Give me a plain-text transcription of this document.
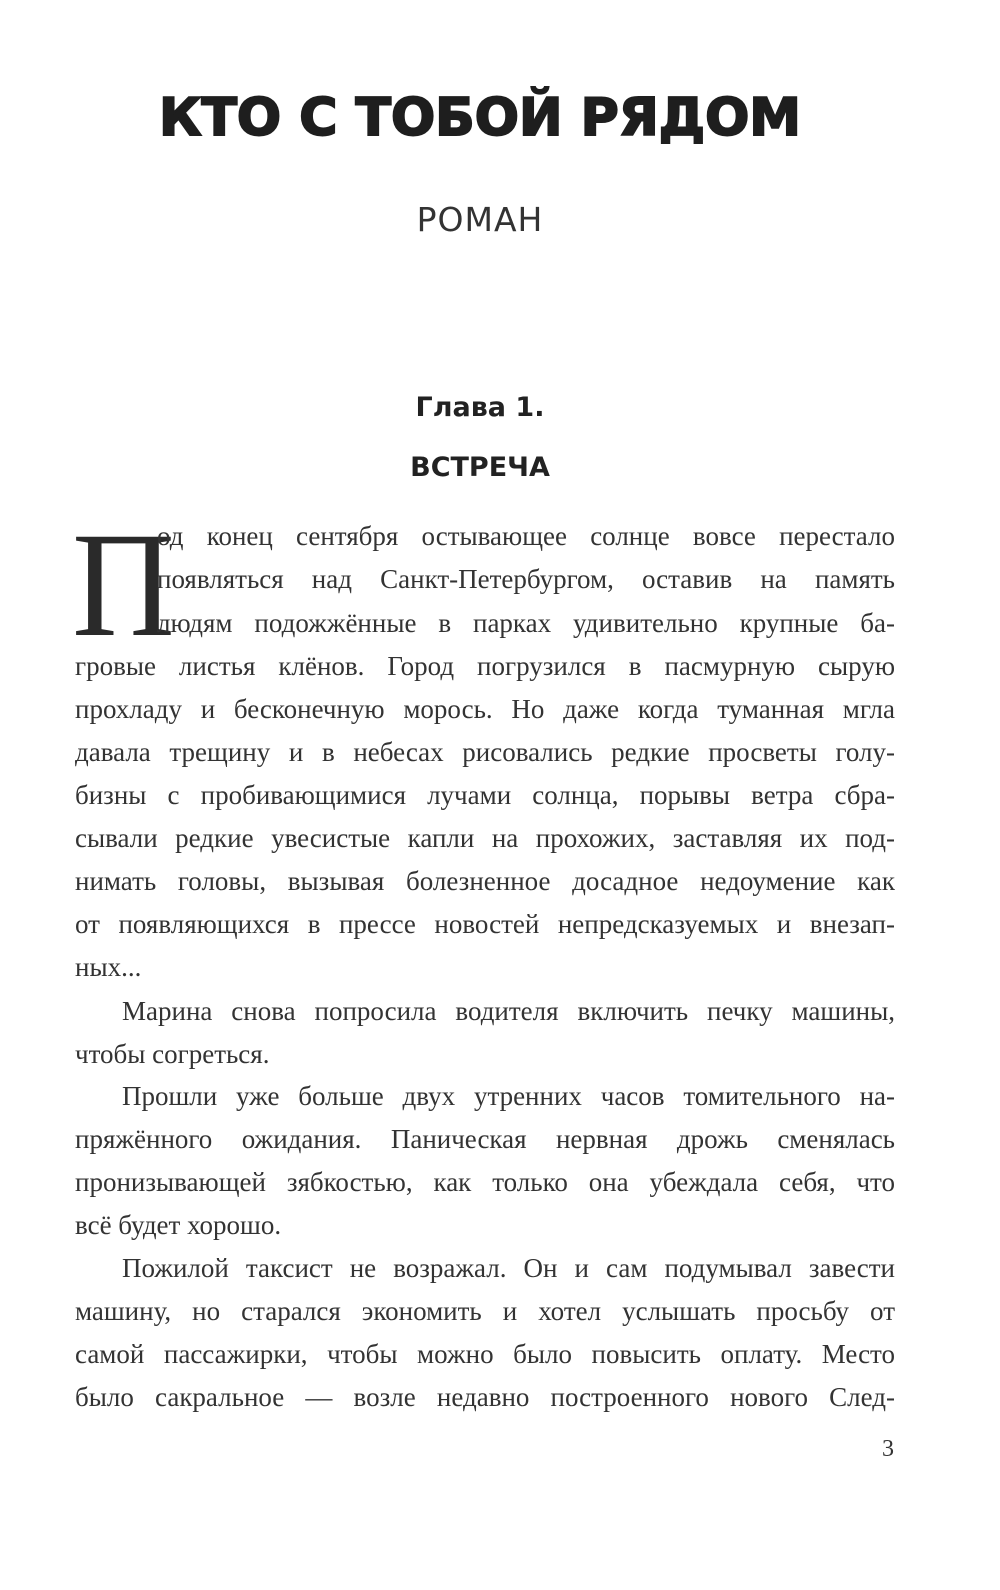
КТО С ТОБОЙ РЯДОМ
РОМАН
Глава 1.
ВСТРЕЧА
П
од конец сентября остывающее солнце вовсе перестало
появляться над Санкт-Петербургом, оставив на память
людям подожжённые в парках удивительно крупные ба-
гровые листья клёнов. Город погрузился в пасмурную сырую
прохладу и бесконечную морось. Но даже когда туманная мгла
давала трещину и в небесах рисовались редкие просветы голу-
бизны с пробивающимися лучами солнца, порывы ветра сбра-
сывали редкие увесистые капли на прохожих, заставляя их под-
нимать головы, вызывая болезненное досадное недоумение как
от появляющихся в прессе новостей непредсказуемых и внезап-
ных...
Марина снова попросила водителя включить печку машины,
чтобы согреться.
Прошли уже больше двух утренних часов томительного на-
пряжённого ожидания. Паническая нервная дрожь сменялась
пронизывающей зябкостью, как только она убеждала себя, что
всё будет хорошо.
Пожилой таксист не возражал. Он и сам подумывал завести
машину, но старался экономить и хотел услышать просьбу от
самой пассажирки, чтобы можно было повысить оплату. Место
было сакральное — возле недавно построенного нового След-
3
